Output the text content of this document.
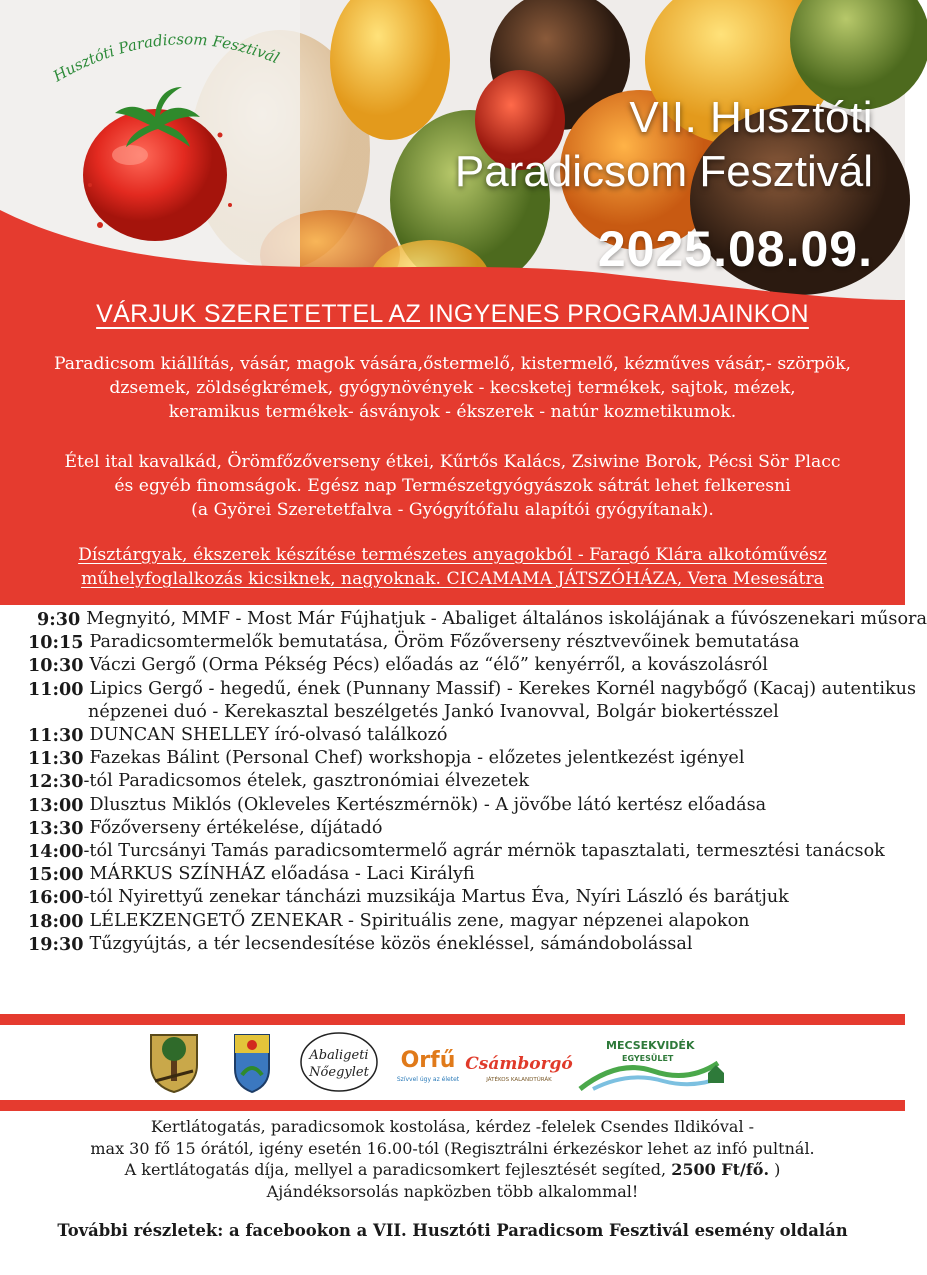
Husztóti Paradicsom Fesztivál
VII. Husztóti
Paradicsom Fesztivál
2025.08.09.
VÁRJUK SZERETETTEL AZ INGYENES PROGRAMJAINKON
Paradicsom kiállítás, vásár, magok vására,őstermelő, kistermelő, kézműves vásár,- szörpök,
dzsemek, zöldségkrémek, gyógynövények - kecsketej termékek, sajtok, mézek,
keramikus termékek- ásványok - ékszerek - natúr kozmetikumok.
Étel ital kavalkád, Örömfőzőverseny étkei, Kűrtős Kalács, Zsiwine Borok, Pécsi Sör Placc
és egyéb finomságok. Egész nap Természetgyógyászok sátrát lehet felkeresni
(a Györei Szeretetfalva - Gyógyítófalu alapítói gyógyítanak).
Dísztárgyak, ékszerek készítése természetes anyagokból - Faragó Klára alkotóművész
műhelyfoglalkozás kicsiknek, nagyoknak. CICAMAMA JÁTSZÓHÁZA, Vera Mesesátra
9:30 Megnyitó, MMF - Most Már Fújhatjuk - Abaliget általános iskolájának a fúvószenekari műsora
10:15 Paradicsomtermelők bemutatása, Öröm Főzőverseny résztvevőinek bemutatása
10:30 Váczi Gergő (Orma Pékség Pécs) előadás az “élő” kenyérről, a kovászolásról
11:00 Lipics Gergő - hegedű, ének (Punnany Massif) - Kerekes Kornél nagybőgő (Kacaj) autentikus
népzenei duó - Kerekasztal beszélgetés Jankó Ivanovval, Bolgár biokertésszel
11:30 DUNCAN SHELLEY író-olvasó találkozó
11:30 Fazekas Bálint (Personal Chef) workshopja - előzetes jelentkezést igényel
12:30 -tól Paradicsomos ételek, gasztronómiai élvezetek
13:00 Dlusztus Miklós (Okleveles Kertészmérnök) - A jövőbe látó kertész előadása
13:30 Főzőverseny értékelése, díjátadó
14:00 -tól Turcsányi Tamás paradicsomtermelő agrár mérnök tapasztalati, termesztési tanácsok
15:00 MÁRKUS SZÍNHÁZ előadása - Laci Királyfi
16:00 -tól Nyirettyű zenekar táncházi muzsikája Martus Éva, Nyíri László és barátjuk
18:00 LÉLEKZENGETŐ ZENEKAR - Spirituális zene, magyar népzenei alapokon
19:30 Tűzgyújtás, a tér lecsendesítése közös énekléssel, sámándobolással
Abaligeti
Nőegylet Orfű
Szívvel úgy az életet
Csámborgó
JÁTÉKOS KALANDTÚRÁK
MECSEKVIDÉK
EGYESÜLET
Kertlátogatás, paradicsomok kostolása, kérdez -felelek Csendes Ildikóval -
max 30 fő 15 órától, igény esetén 16.00-tól (Regisztrálni érkezéskor lehet az infó pultnál.
A kertlátogatás díja, mellyel a paradicsomkert fejlesztését segíted, 2500 Ft/fő. )
Ajándéksorsolás napközben több alkalommal!
További részletek: a facebookon a VII. Husztóti Paradicsom Fesztivál esemény oldalán
